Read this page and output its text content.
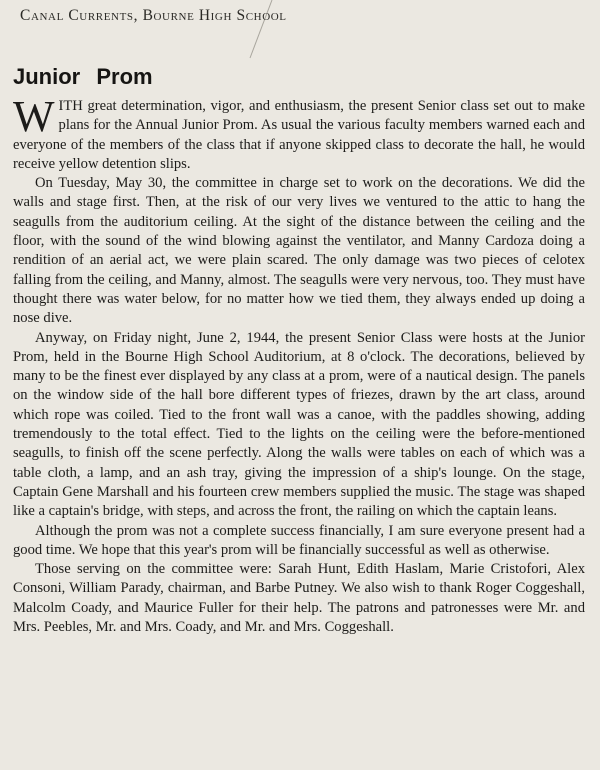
Canal Currents, Bourne High School
Junior Prom

WITH great determination, vigor, and enthusiasm, the present Senior class set out to make plans for the Annual Junior Prom. As usual the various faculty members warned each and everyone of the members of the class that if anyone skipped class to decorate the hall, he would receive yellow detention slips.

On Tuesday, May 30, the committee in charge set to work on the decorations. We did the walls and stage first. Then, at the risk of our very lives we ventured to the attic to hang the seagulls from the auditorium ceiling. At the sight of the distance between the ceiling and the floor, with the sound of the wind blowing against the ventilator, and Manny Cardoza doing a rendition of an aerial act, we were plain scared. The only damage was two pieces of celotex falling from the ceiling, and Manny, almost. The seagulls were very nervous, too. They must have thought there was water below, for no matter how we tied them, they always ended up doing a nose dive.

Anyway, on Friday night, June 2, 1944, the present Senior Class were hosts at the Junior Prom, held in the Bourne High School Auditorium, at 8 o'clock. The decorations, believed by many to be the finest ever displayed by any class at a prom, were of a nautical design. The panels on the window side of the hall bore different types of friezes, drawn by the art class, around which rope was coiled. Tied to the front wall was a canoe, with the paddles showing, adding tremendously to the total effect. Tied to the lights on the ceiling were the before-mentioned seagulls, to finish off the scene perfectly. Along the walls were tables on each of which was a table cloth, a lamp, and an ash tray, giving the impression of a ship's lounge. On the stage, Captain Gene Marshall and his fourteen crew members supplied the music. The stage was shaped like a captain's bridge, with steps, and across the front, the railing on which the captain leans.

Although the prom was not a complete success financially, I am sure everyone present had a good time. We hope that this year's prom will be financially successful as well as otherwise.

Those serving on the committee were: Sarah Hunt, Edith Haslam, Marie Cristofori, Alex Consoni, William Parady, chairman, and Barbe Putney. We also wish to thank Roger Coggeshall, Malcolm Coady, and Maurice Fuller for their help. The patrons and patronesses were Mr. and Mrs. Peebles, Mr. and Mrs. Coady, and Mr. and Mrs. Coggeshall.
